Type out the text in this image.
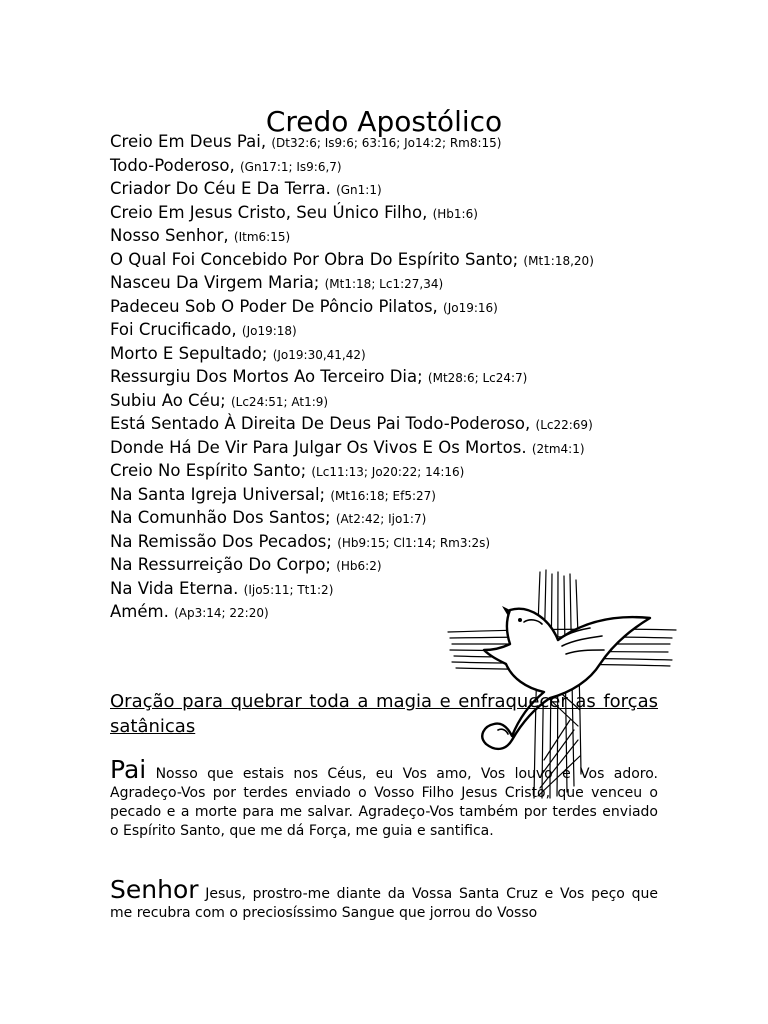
Credo Apostólico
Creio Em Deus Pai, (Dt32:6; Is9:6; 63:16; Jo14:2; Rm8:15)
Todo-Poderoso, (Gn17:1; Is9:6,7)
Criador Do Céu E Da Terra. (Gn1:1)
Creio Em Jesus Cristo, Seu Único Filho, (Hb1:6)
Nosso Senhor, (Itm6:15)
O Qual Foi Concebido Por Obra Do Espírito Santo; (Mt1:18,20)
Nasceu Da Virgem Maria; (Mt1:18; Lc1:27,34)
Padeceu Sob O Poder De Pôncio Pilatos, (Jo19:16)
Foi Crucificado, (Jo19:18)
Morto E Sepultado; (Jo19:30,41,42)
Ressurgiu Dos Mortos Ao Terceiro Dia; (Mt28:6; Lc24:7)
Subiu Ao Céu; (Lc24:51; At1:9)
Está Sentado À Direita De Deus Pai Todo-Poderoso, (Lc22:69)
Donde Há De Vir Para Julgar Os Vivos E Os Mortos. (2tm4:1)
Creio No Espírito Santo; (Lc11:13; Jo20:22; 14:16)
Na Santa Igreja Universal; (Mt16:18; Ef5:27)
Na Comunhão Dos Santos; (At2:42; Ijo1:7)
Na Remissão Dos Pecados; (Hb9:15; Cl1:14; Rm3:2s)
Na Ressurreição Do Corpo; (Hb6:2)
Na Vida Eterna. (Ijo5:11; Tt1:2)
Amém. (Ap3:14; 22:20)
Oração para quebrar toda a magia e enfraquecer as forças satânicas

Pai Nosso que estais nos Céus, eu Vos amo, Vos louvo e Vos adoro. Agradeço-Vos por terdes enviado o Vosso Filho Jesus Cristo, que venceu o pecado e a morte para me salvar. Agradeço-Vos também por terdes enviado o Espírito Santo, que me dá Força, me guia e santifica.

Senhor Jesus, prostro-me diante da Vossa Santa Cruz e Vos peço que me recubra com o preciosíssimo Sangue que jorrou do Vosso
